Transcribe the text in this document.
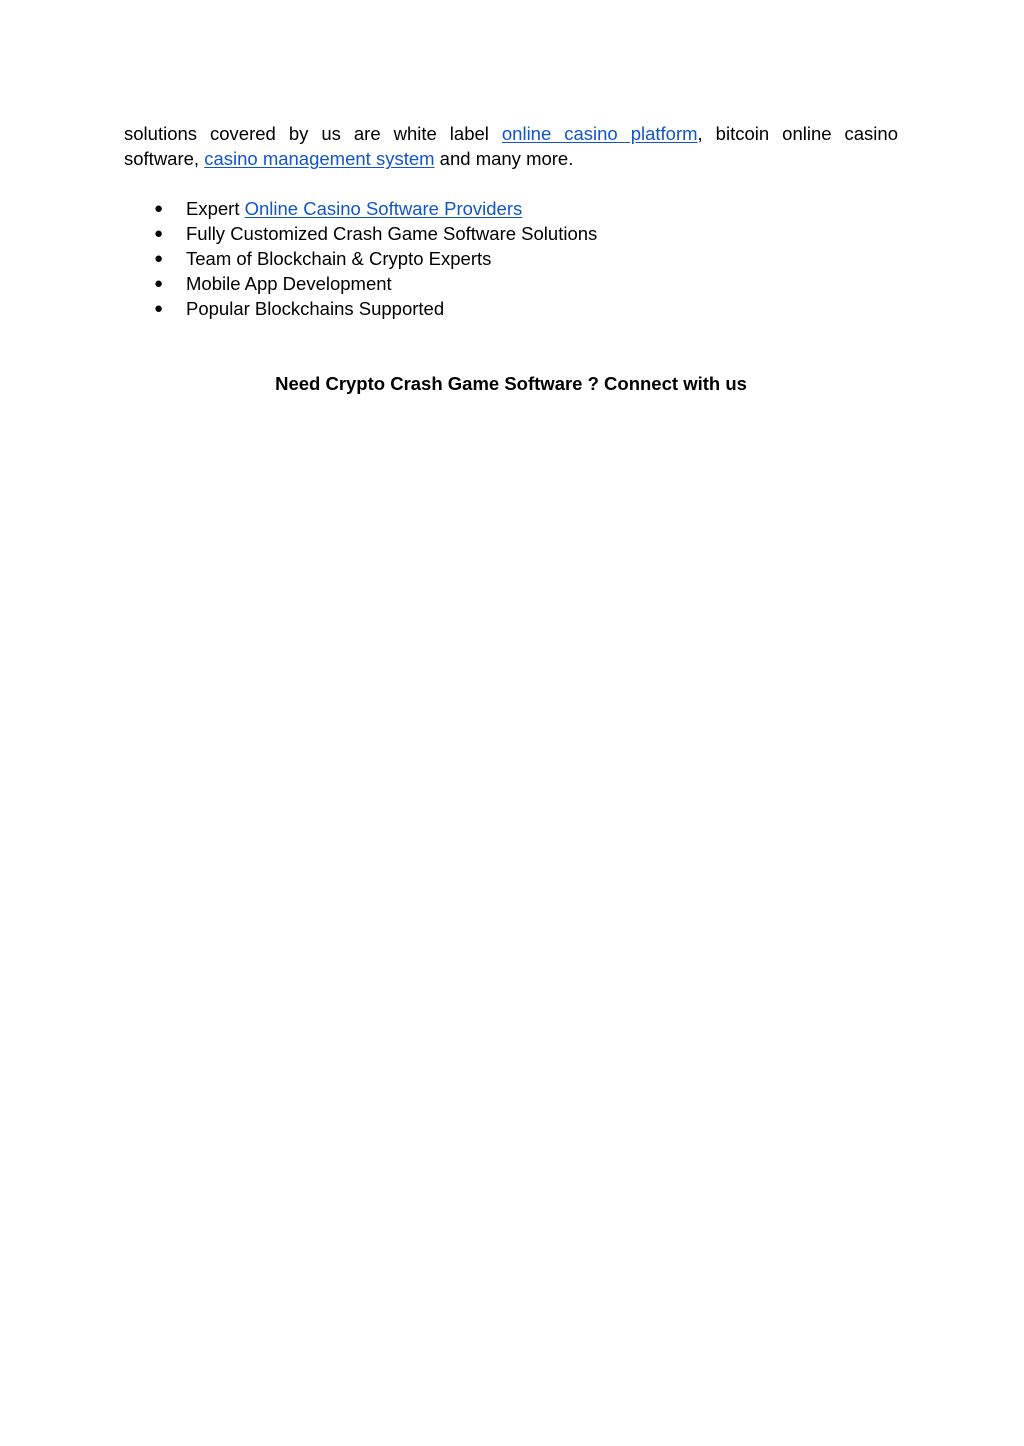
solutions covered by us are white label online casino platform, bitcoin online casino
software, casino management system and many more.

● Expert Online Casino Software Providers
● Fully Customized Crash Game Software Solutions
● Team of Blockchain & Crypto Experts
● Mobile App Development
● Popular Blockchains Supported
Need Crypto Crash Game Software ? Connect with us
